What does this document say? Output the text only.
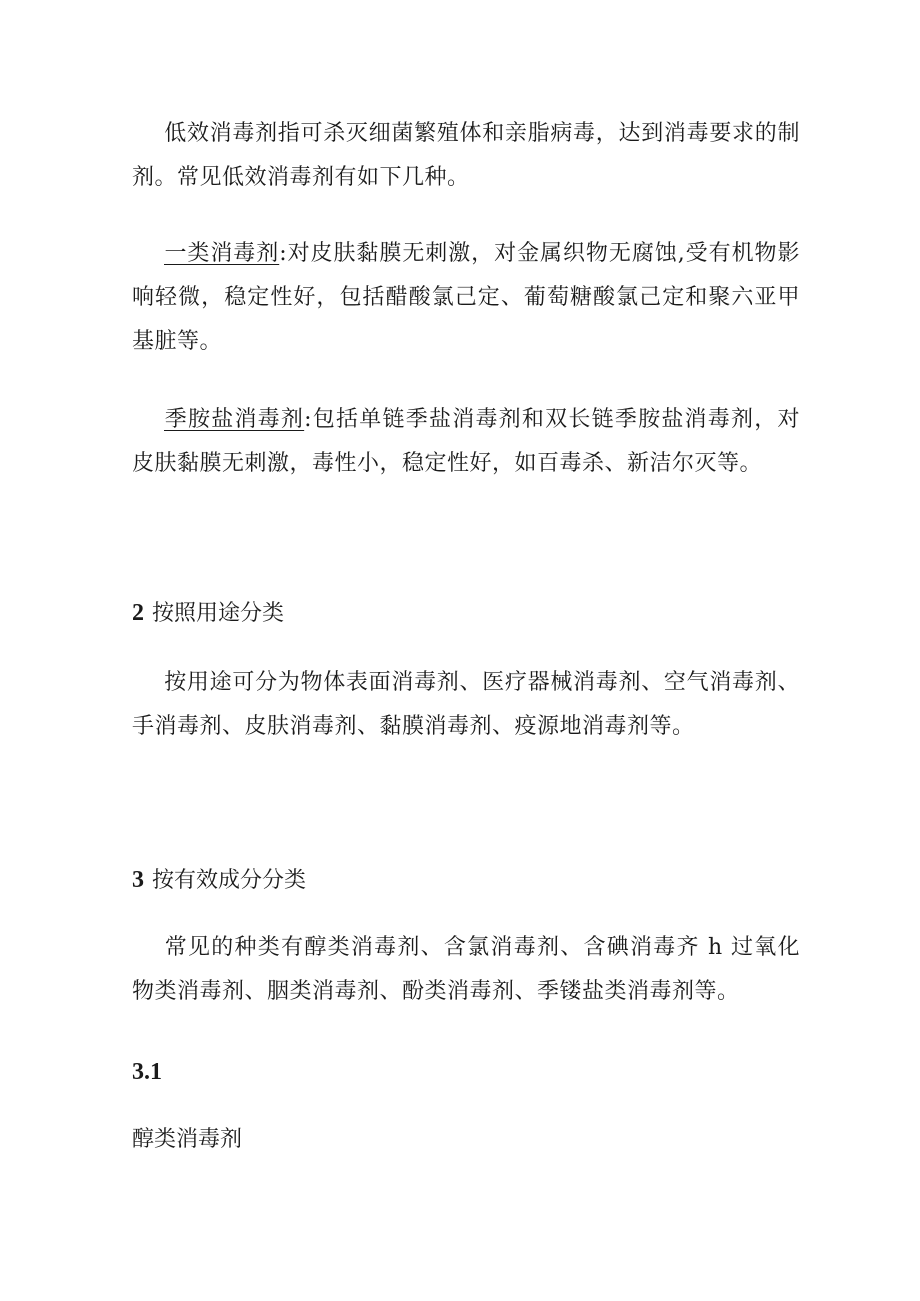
低效消毒剂指可杀灭细菌繁殖体和亲脂病毒，达到消毒要求的制剂。常见低效消毒剂有如下几种。

一类消毒剂:对皮肤黏膜无刺激，对金属织物无腐蚀,受有机物影响轻微，稳定性好，包括醋酸氯己定、葡萄糖酸氯己定和聚六亚甲基脏等。

季胺盐消毒剂:包括单链季盐消毒剂和双长链季胺盐消毒剂，对皮肤黏膜无刺激，毒性小，稳定性好，如百毒杀、新洁尔灭等。

2 按照用途分类

按用途可分为物体表面消毒剂、医疗器械消毒剂、空气消毒剂、手消毒剂、皮肤消毒剂、黏膜消毒剂、疫源地消毒剂等。

3 按有效成分分类

常见的种类有醇类消毒剂、含氯消毒剂、含碘消毒齐 h 过氧化物类消毒剂、胭类消毒剂、酚类消毒剂、季镂盐类消毒剂等。

3.1

醇类消毒剂
